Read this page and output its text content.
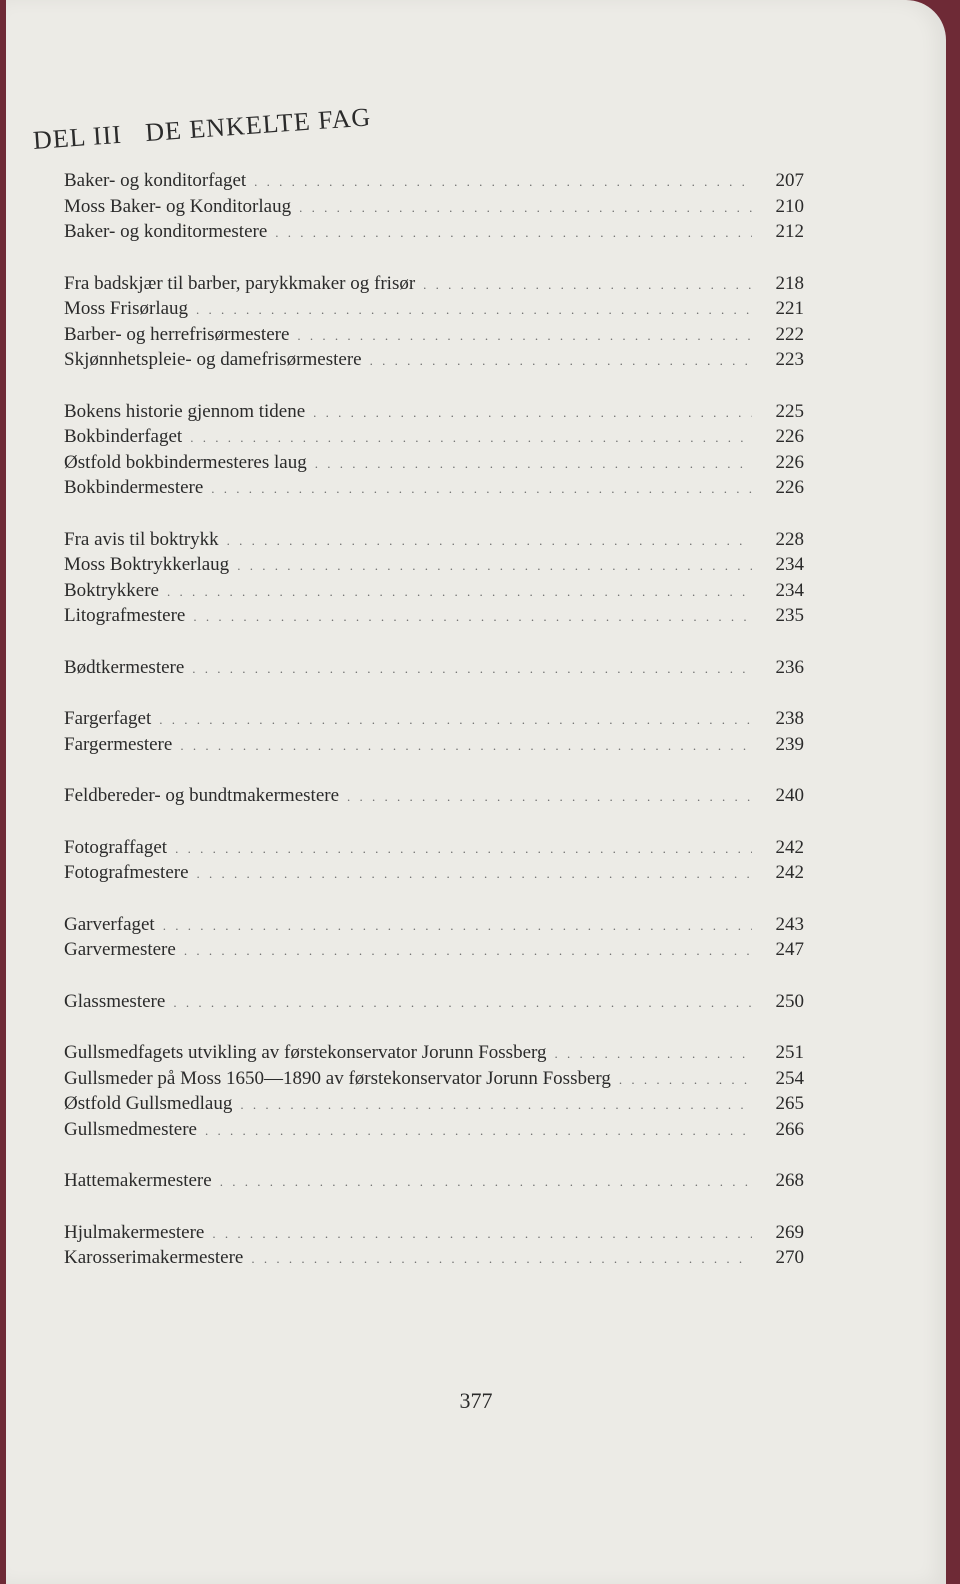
DEL III DE ENKELTE FAG
Baker- og konditorfaget . . .	207
Moss Baker- og Konditorlaug . . .	210
Baker- og konditormestere . . .	212
Fra badskjær til barber, parykkmaker og frisør . . .	218
Moss Frisørlaug . . .	221
Barber- og herrefrisørmestere . . .	222
Skjønnhetspleie- og damefrisørmestere . . .	223
Bokens historie gjennom tidene . . .	225
Bokbinderfaget . . .	226
Østfold bokbindermesteres laug . . .	226
Bokbindermestere . . .	226
Fra avis til boktrykk . . .	228
Moss Boktrykkerlaug . . .	234
Boktrykkere . . .	234
Litografmestere . . .	235
Bødtkermestere . . .	236
Fargerfaget . . .	238
Fargermestere . . .	239
Feldbereder- og bundtmakermestere . . .	240
Fotograffaget . . .	242
Fotografmestere . . .	242
Garverfaget . . .	243
Garvermestere . . .	247
Glassmestere . . .	250
Gullsmedfagets utvikling av førstekonservator Jorunn Fossberg . . .	251
Gullsmeder på Moss 1650—1890 av førstekonservator Jorunn Fossberg . . .	254
Østfold Gullsmedlaug . . .	265
Gullsmedmestere . . .	266
Hattemakermestere . . .	268
Hjulmakermestere . . .	269
Karosserimakermestere . . .	270
377
